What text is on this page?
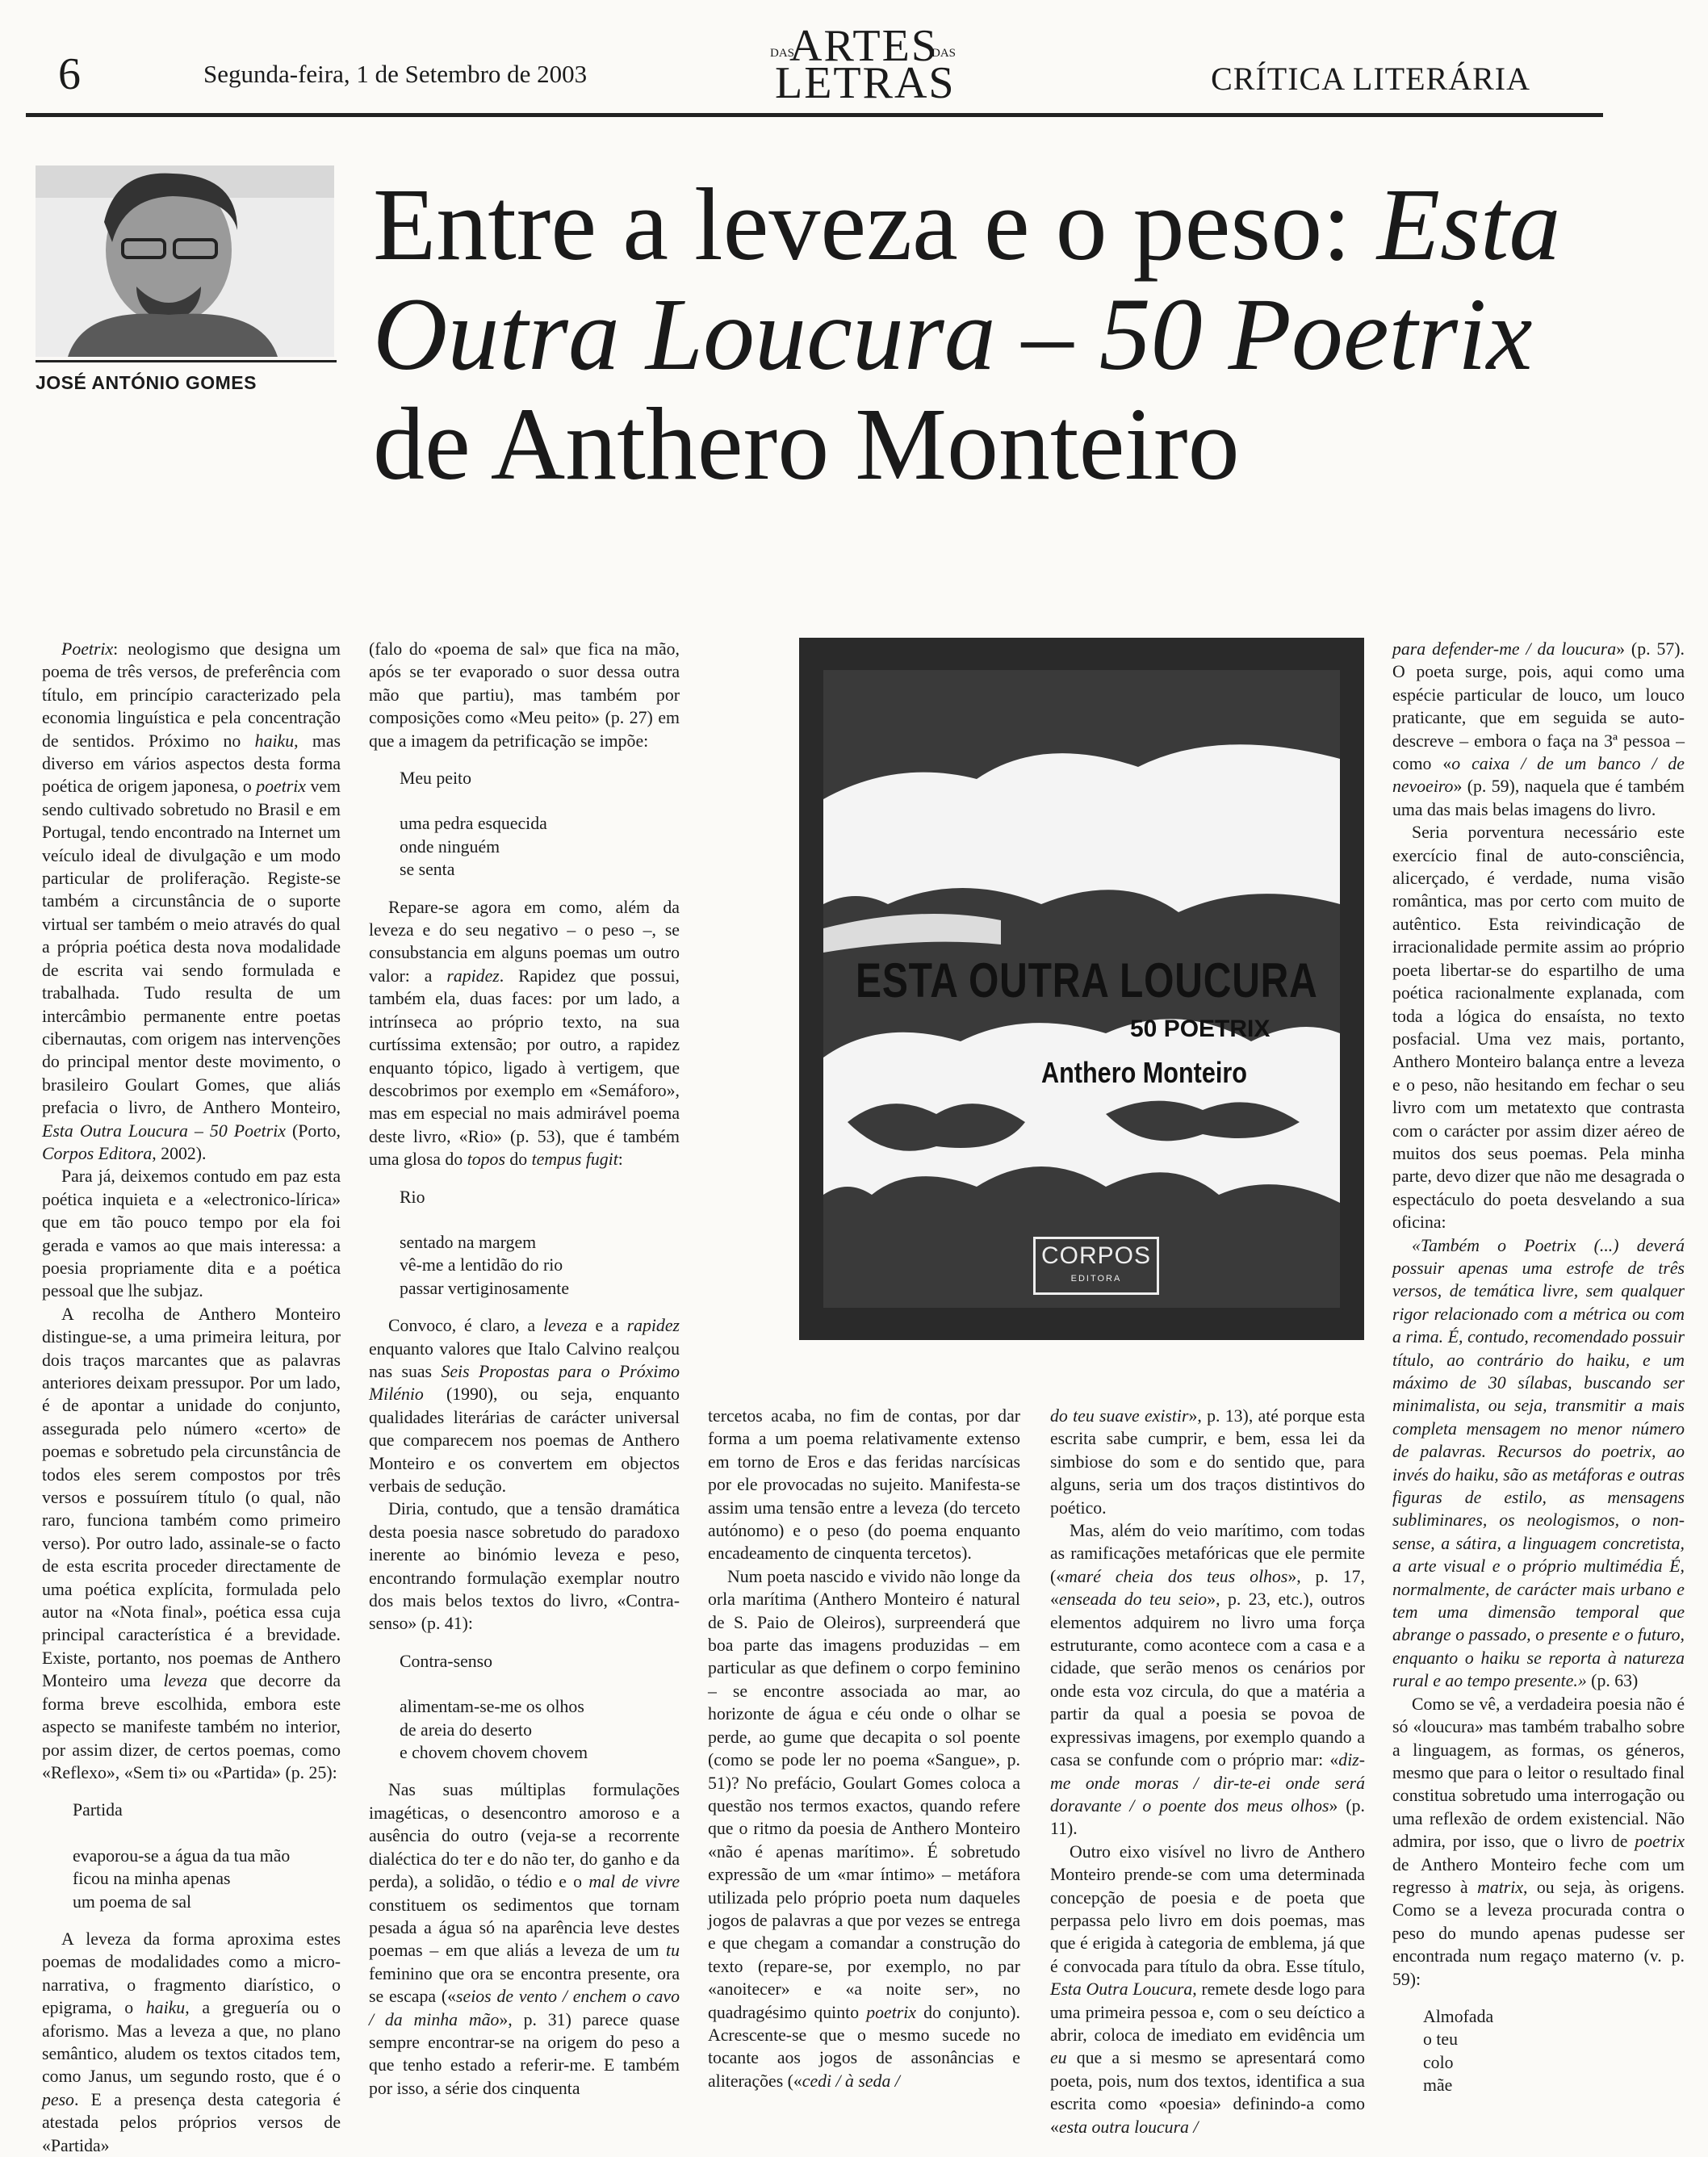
6	Segunda-feira, 1 de Setembro de 2003
DAS	DAS
ARTES
LETRAS	CRÍTICA LITERÁRIA
JOSÉ ANTÓNIO GOMES

Entre a leveza e o peso: Esta

Outra Loucura – 50 Poetrix

de Anthero Monteiro

Poetrix: neologismo que designa um poema de três versos, de preferência com título, em princípio caracterizado pela economia linguística e pela concentração de sentidos. Próximo no haiku, mas diverso em vários aspectos desta forma poética de origem japonesa, o poetrix vem sendo cultivado sobretudo no Brasil e em Portugal, tendo encontrado na Internet um veículo ideal de divulgação e um modo particular de proliferação. Registe-se também a circunstância de o suporte virtual ser também o meio através do qual a própria poética desta nova modalidade de escrita vai sendo formulada e trabalhada. Tudo resulta de um intercâmbio permanente entre poetas cibernautas, com origem nas intervenções do principal mentor deste movimento, o brasileiro Goulart Gomes, que aliás prefacia o livro, de Anthero Monteiro, Esta Outra Loucura – 50 Poetrix (Porto, Corpos Editora, 2002).

Para já, deixemos contudo em paz esta poética inquieta e a «electronico-lírica» que em tão pouco tempo por ela foi gerada e vamos ao que mais interessa: a poesia propriamente dita e a poética pessoal que lhe subjaz.

A recolha de Anthero Monteiro distingue-se, a uma primeira leitura, por dois traços marcantes que as palavras anteriores deixam pressupor. Por um lado, é de apontar a unidade do conjunto, assegurada pelo número «certo» de poemas e sobretudo pela circunstância de todos eles serem compostos por três versos e possuírem título (o qual, não raro, funciona também como primeiro verso). Por outro lado, assinale-se o facto de esta escrita proceder directamente de uma poética explícita, formulada pelo autor na «Nota final», poética essa cuja principal característica é a brevidade. Existe, portanto, nos poemas de Anthero Monteiro uma leveza que decorre da forma breve escolhida, embora este aspecto se manifeste também no interior, por assim dizer, de certos poemas, como «Reflexo», «Sem ti» ou «Partida» (p. 25):

Partida
evaporou-se a água da tua mão
ficou na minha apenas
um poema de sal

A leveza da forma aproxima estes poemas de modalidades como a micro-narrativa, o fragmento diarístico, o epigrama, o haiku, a greguería ou o aforismo. Mas a leveza a que, no plano semântico, aludem os textos citados tem, como Janus, um segundo rosto, que é o peso. E a presença desta categoria é atestada pelos próprios versos de «Partida»

(falo do «poema de sal» que fica na mão, após se ter evaporado o suor dessa outra mão que partiu), mas também por composições como «Meu peito» (p. 27) em que a imagem da petrificação se impõe:

Meu peito
uma pedra esquecida
onde ninguém
se senta

Repare-se agora em como, além da leveza e do seu negativo – o peso –, se consubstancia em alguns poemas um outro valor: a rapidez. Rapidez que possui, também ela, duas faces: por um lado, a intrínseca ao próprio texto, na sua curtíssima extensão; por outro, a rapidez enquanto tópico, ligado à vertigem, que descobrimos por exemplo em «Semáforo», mas em especial no mais admirável poema deste livro, «Rio» (p. 53), que é também uma glosa do topos do tempus fugit:

Rio
sentado na margem
vê-me a lentidão do rio
passar vertiginosamente

Convoco, é claro, a leveza e a rapidez enquanto valores que Italo Calvino realçou nas suas Seis Propostas para o Próximo Milénio (1990), ou seja, enquanto qualidades literárias de carácter universal que comparecem nos poemas de Anthero Monteiro e os convertem em objectos verbais de sedução.

Diria, contudo, que a tensão dramática desta poesia nasce sobretudo do paradoxo inerente ao binómio leveza e peso, encontrando formulação exemplar noutro dos mais belos textos do livro, «Contra-senso» (p. 41):

Contra-senso
alimentam-se-me os olhos
de areia do deserto
e chovem chovem chovem

Nas suas múltiplas formulações imagéticas, o desencontro amoroso e a ausência do outro (veja-se a recorrente dialéctica do ter e do não ter, do ganho e da perda), a solidão, o tédio e o mal de vivre constituem os sedimentos que tornam pesada a água só na aparência leve destes poemas – em que aliás a leveza de um tu feminino que ora se encontra presente, ora se escapa («seios de vento / enchem o cavo / da minha mão», p. 31) parece quase sempre encontrar-se na origem do peso a que tenho estado a referir-me. E também por isso, a série dos cinquenta

ESTA OUTRA LOUCURA
50 POETRIX
Anthero Monteiro
CORPOS
EDITORA

tercetos acaba, no fim de contas, por dar forma a um poema relativamente extenso em torno de Eros e das feridas narcísicas por ele provocadas no sujeito. Manifesta-se assim uma tensão entre a leveza (do terceto autónomo) e o peso (do poema enquanto encadeamento de cinquenta tercetos).

Num poeta nascido e vivido não longe da orla marítima (Anthero Monteiro é natural de S. Paio de Oleiros), surpreenderá que boa parte das imagens produzidas – em particular as que definem o corpo feminino – se encontre associada ao mar, ao horizonte de água e céu onde o olhar se perde, ao gume que decapita o sol poente (como se pode ler no poema «Sangue», p. 51)? No prefácio, Goulart Gomes coloca a questão nos termos exactos, quando refere que o ritmo da poesia de Anthero Monteiro «não é apenas marítimo». É sobretudo expressão de um «mar íntimo» – metáfora utilizada pelo próprio poeta num daqueles jogos de palavras a que por vezes se entrega e que chegam a comandar a construção do texto (repare-se, por exemplo, no par «anoitecer» e «a noite ser», no quadragésimo quinto poetrix do conjunto). Acrescente-se que o mesmo sucede no tocante aos jogos de assonâncias e aliterações («cedi / à seda /

do teu suave existir», p. 13), até porque esta escrita sabe cumprir, e bem, essa lei da simbiose do som e do sentido que, para alguns, seria um dos traços distintivos do poético.

Mas, além do veio marítimo, com todas as ramificações metafóricas que ele permite («maré cheia dos teus olhos», p. 17, «enseada do teu seio», p. 23, etc.), outros elementos adquirem no livro uma força estruturante, como acontece com a casa e a cidade, que serão menos os cenários por onde esta voz circula, do que a matéria a partir da qual a poesia se povoa de expressivas imagens, por exemplo quando a casa se confunde com o próprio mar: «diz-me onde moras / dir-te-ei onde será doravante / o poente dos meus olhos» (p. 11).

Outro eixo visível no livro de Anthero Monteiro prende-se com uma determinada concepção de poesia e de poeta que perpassa pelo livro em dois poemas, mas que é erigida à categoria de emblema, já que é convocada para título da obra. Esse título, Esta Outra Loucura, remete desde logo para uma primeira pessoa e, com o seu deíctico a abrir, coloca de imediato em evidência um eu que a si mesmo se apresentará como poeta, pois, num dos textos, identifica a sua escrita como «poesia» definindo-a como «esta outra loucura /

para defender-me / da loucura» (p. 57). O poeta surge, pois, aqui como uma espécie particular de louco, um louco praticante, que em seguida se auto-descreve – embora o faça na 3ª pessoa – como «o caixa / de um banco / de nevoeiro» (p. 59), naquela que é também uma das mais belas imagens do livro.

Seria porventura necessário este exercício final de auto-consciência, alicerçado, é verdade, numa visão romântica, mas por certo com muito de autêntico. Esta reivindicação de irracionalidade permite assim ao próprio poeta libertar-se do espartilho de uma poética racionalmente explanada, com toda a lógica do ensaísta, no texto posfacial. Uma vez mais, portanto, Anthero Monteiro balança entre a leveza e o peso, não hesitando em fechar o seu livro com um metatexto que contrasta com o carácter por assim dizer aéreo de muitos dos seus poemas. Pela minha parte, devo dizer que não me desagrada o espectáculo do poeta desvelando a sua oficina:

«Também o Poetrix (...) deverá possuir apenas uma estrofe de três versos, de temática livre, sem qualquer rigor relacionado com a métrica ou com a rima. É, contudo, recomendado possuir título, ao contrário do haiku, e um máximo de 30 sílabas, buscando ser minimalista, ou seja, transmitir a mais completa mensagem no menor número de palavras. Recursos do poetrix, ao invés do haiku, são as metáforas e outras figuras de estilo, as mensagens subliminares, os neologismos, o non-sense, a sátira, a linguagem concretista, a arte visual e o próprio multimédia É, normalmente, de carácter mais urbano e tem uma dimensão temporal que abrange o passado, o presente e o futuro, enquanto o haiku se reporta à natureza rural e ao tempo presente.» (p. 63)

Como se vê, a verdadeira poesia não é só «loucura» mas também trabalho sobre a linguagem, as formas, os géneros, mesmo que para o leitor o resultado final constitua sobretudo uma interrogação ou uma reflexão de ordem existencial. Não admira, por isso, que o livro de poetrix de Anthero Monteiro feche com um regresso à matrix, ou seja, às origens. Como se a leveza procurada contra o peso do mundo apenas pudesse ser encontrada num regaço materno (v. p. 59):

Almofada
o teu
colo
mãe
